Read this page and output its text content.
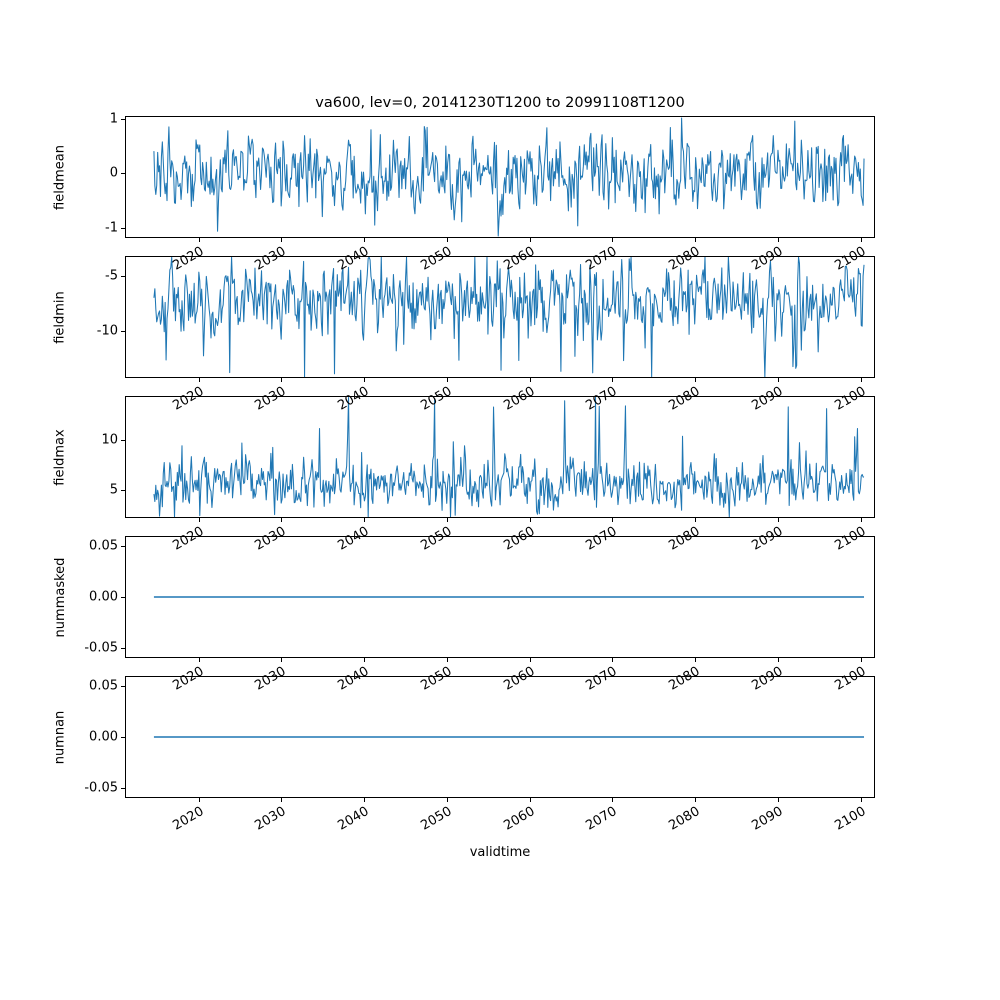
va600, lev=0, 20141230T1200 to 20991108T1200
fieldmean
fieldmin
fieldmax
nummasked
numnan
validtime
-1
0
1
2020	2030	2040	2050	2060	2070	2080	2090	2100
-10
-5
2020	2030	2040	2050	2060	2070	2080	2090	2100
5
10
2020	2030	2040	2050	2060	2070	2080	2090	2100
-0.05
0.00
0.05
2020	2030	2040	2050	2060	2070	2080	2090	2100
-0.05
0.00
0.05
2020	2030	2040	2050	2060	2070	2080	2090	2100
